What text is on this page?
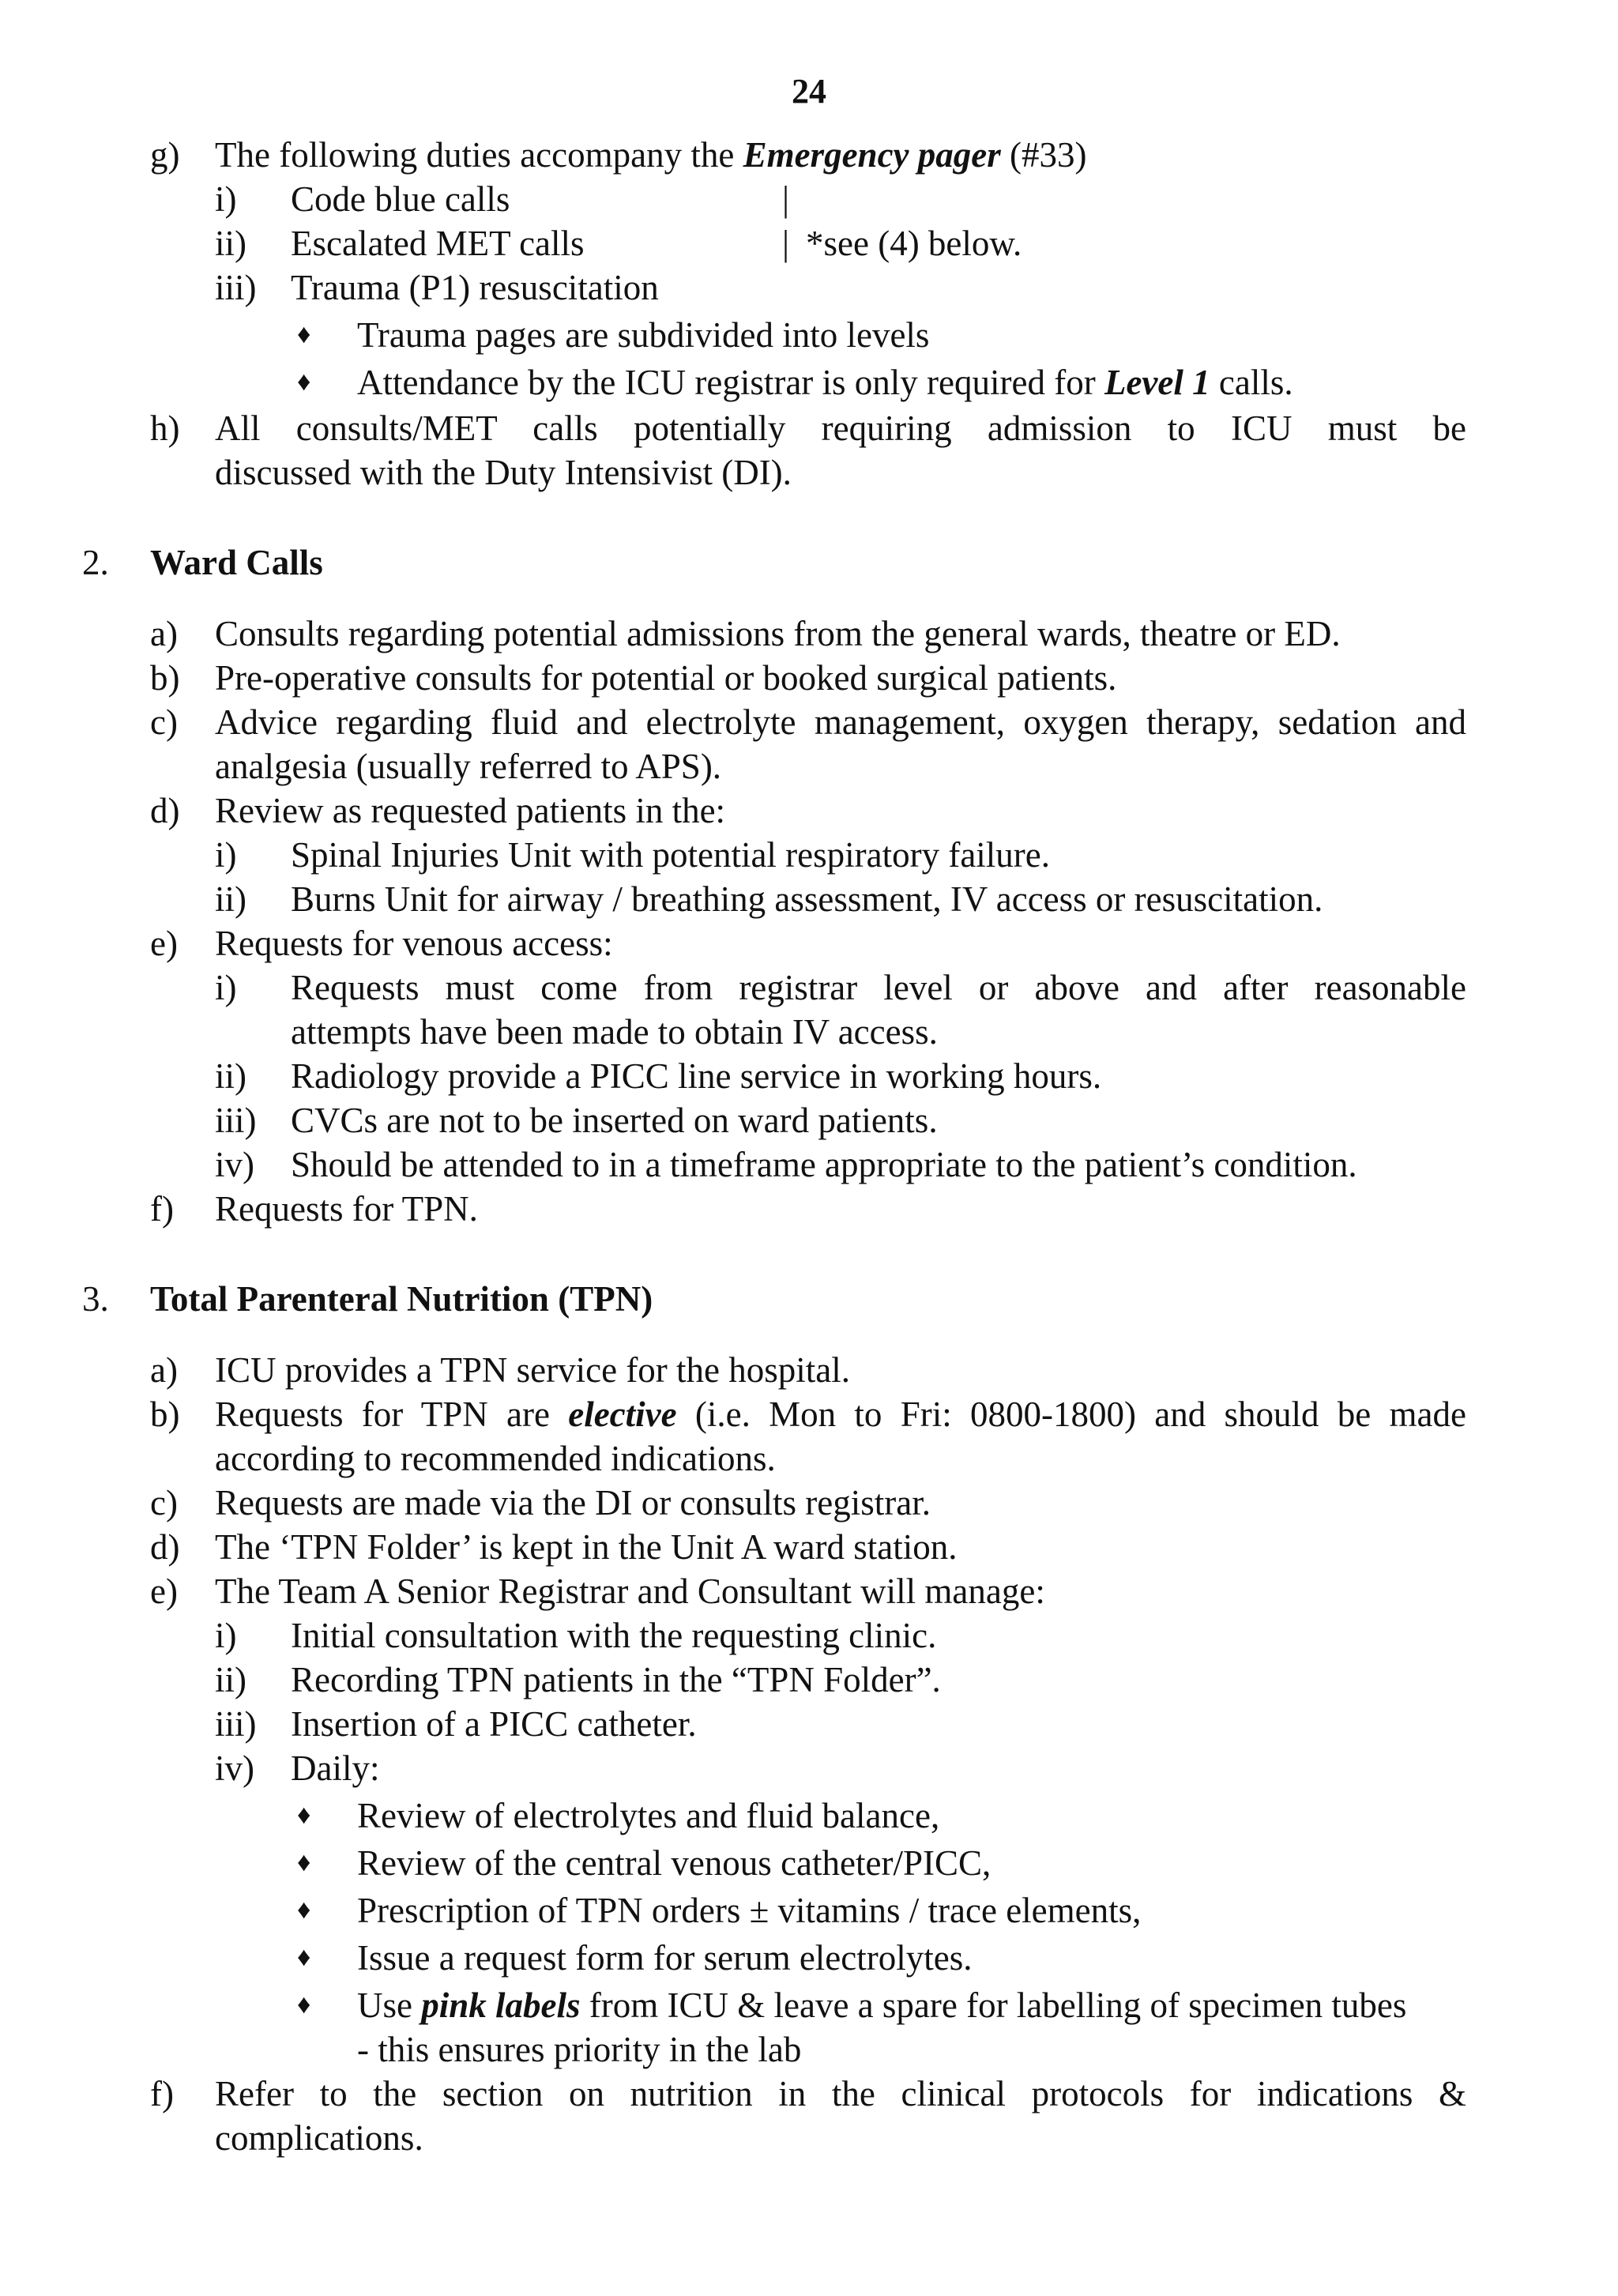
24
g) The following duties accompany the Emergency pager (#33)
i) Code blue calls	|
ii) Escalated MET calls	| *see (4) below.
iii) Trauma (P1) resuscitation
♦ Trauma pages are subdivided into levels
♦ Attendance by the ICU registrar is only required for Level 1 calls.
h) All consults/MET calls potentially requiring admission to ICU must be
discussed with the Duty Intensivist (DI).
2. Ward Calls
a) Consults regarding potential admissions from the general wards, theatre or ED.
b) Pre-operative consults for potential or booked surgical patients.
c) Advice regarding fluid and electrolyte management, oxygen therapy, sedation and
analgesia (usually referred to APS).
d) Review as requested patients in the:
i) Spinal Injuries Unit with potential respiratory failure.
ii) Burns Unit for airway / breathing assessment, IV access or resuscitation.
e) Requests for venous access:
i) Requests must come from registrar level or above and after reasonable
attempts have been made to obtain IV access.
ii) Radiology provide a PICC line service in working hours.
iii) CVCs are not to be inserted on ward patients.
iv) Should be attended to in a timeframe appropriate to the patient’s condition.
f) Requests for TPN.
3. Total Parenteral Nutrition (TPN)
a) ICU provides a TPN service for the hospital.
b) Requests for TPN are elective (i.e. Mon to Fri: 0800-1800) and should be made
according to recommended indications.
c) Requests are made via the DI or consults registrar.
d) The ‘TPN Folder’ is kept in the Unit A ward station.
e) The Team A Senior Registrar and Consultant will manage:
i) Initial consultation with the requesting clinic.
ii) Recording TPN patients in the “TPN Folder”.
iii) Insertion of a PICC catheter.
iv) Daily:
♦ Review of electrolytes and fluid balance,
♦ Review of the central venous catheter/PICC,
♦ Prescription of TPN orders ± vitamins / trace elements,
♦ Issue a request form for serum electrolytes.
♦ Use pink labels from ICU & leave a spare for labelling of specimen tubes
- this ensures priority in the lab
f) Refer to the section on nutrition in the clinical protocols for indications &
complications.
